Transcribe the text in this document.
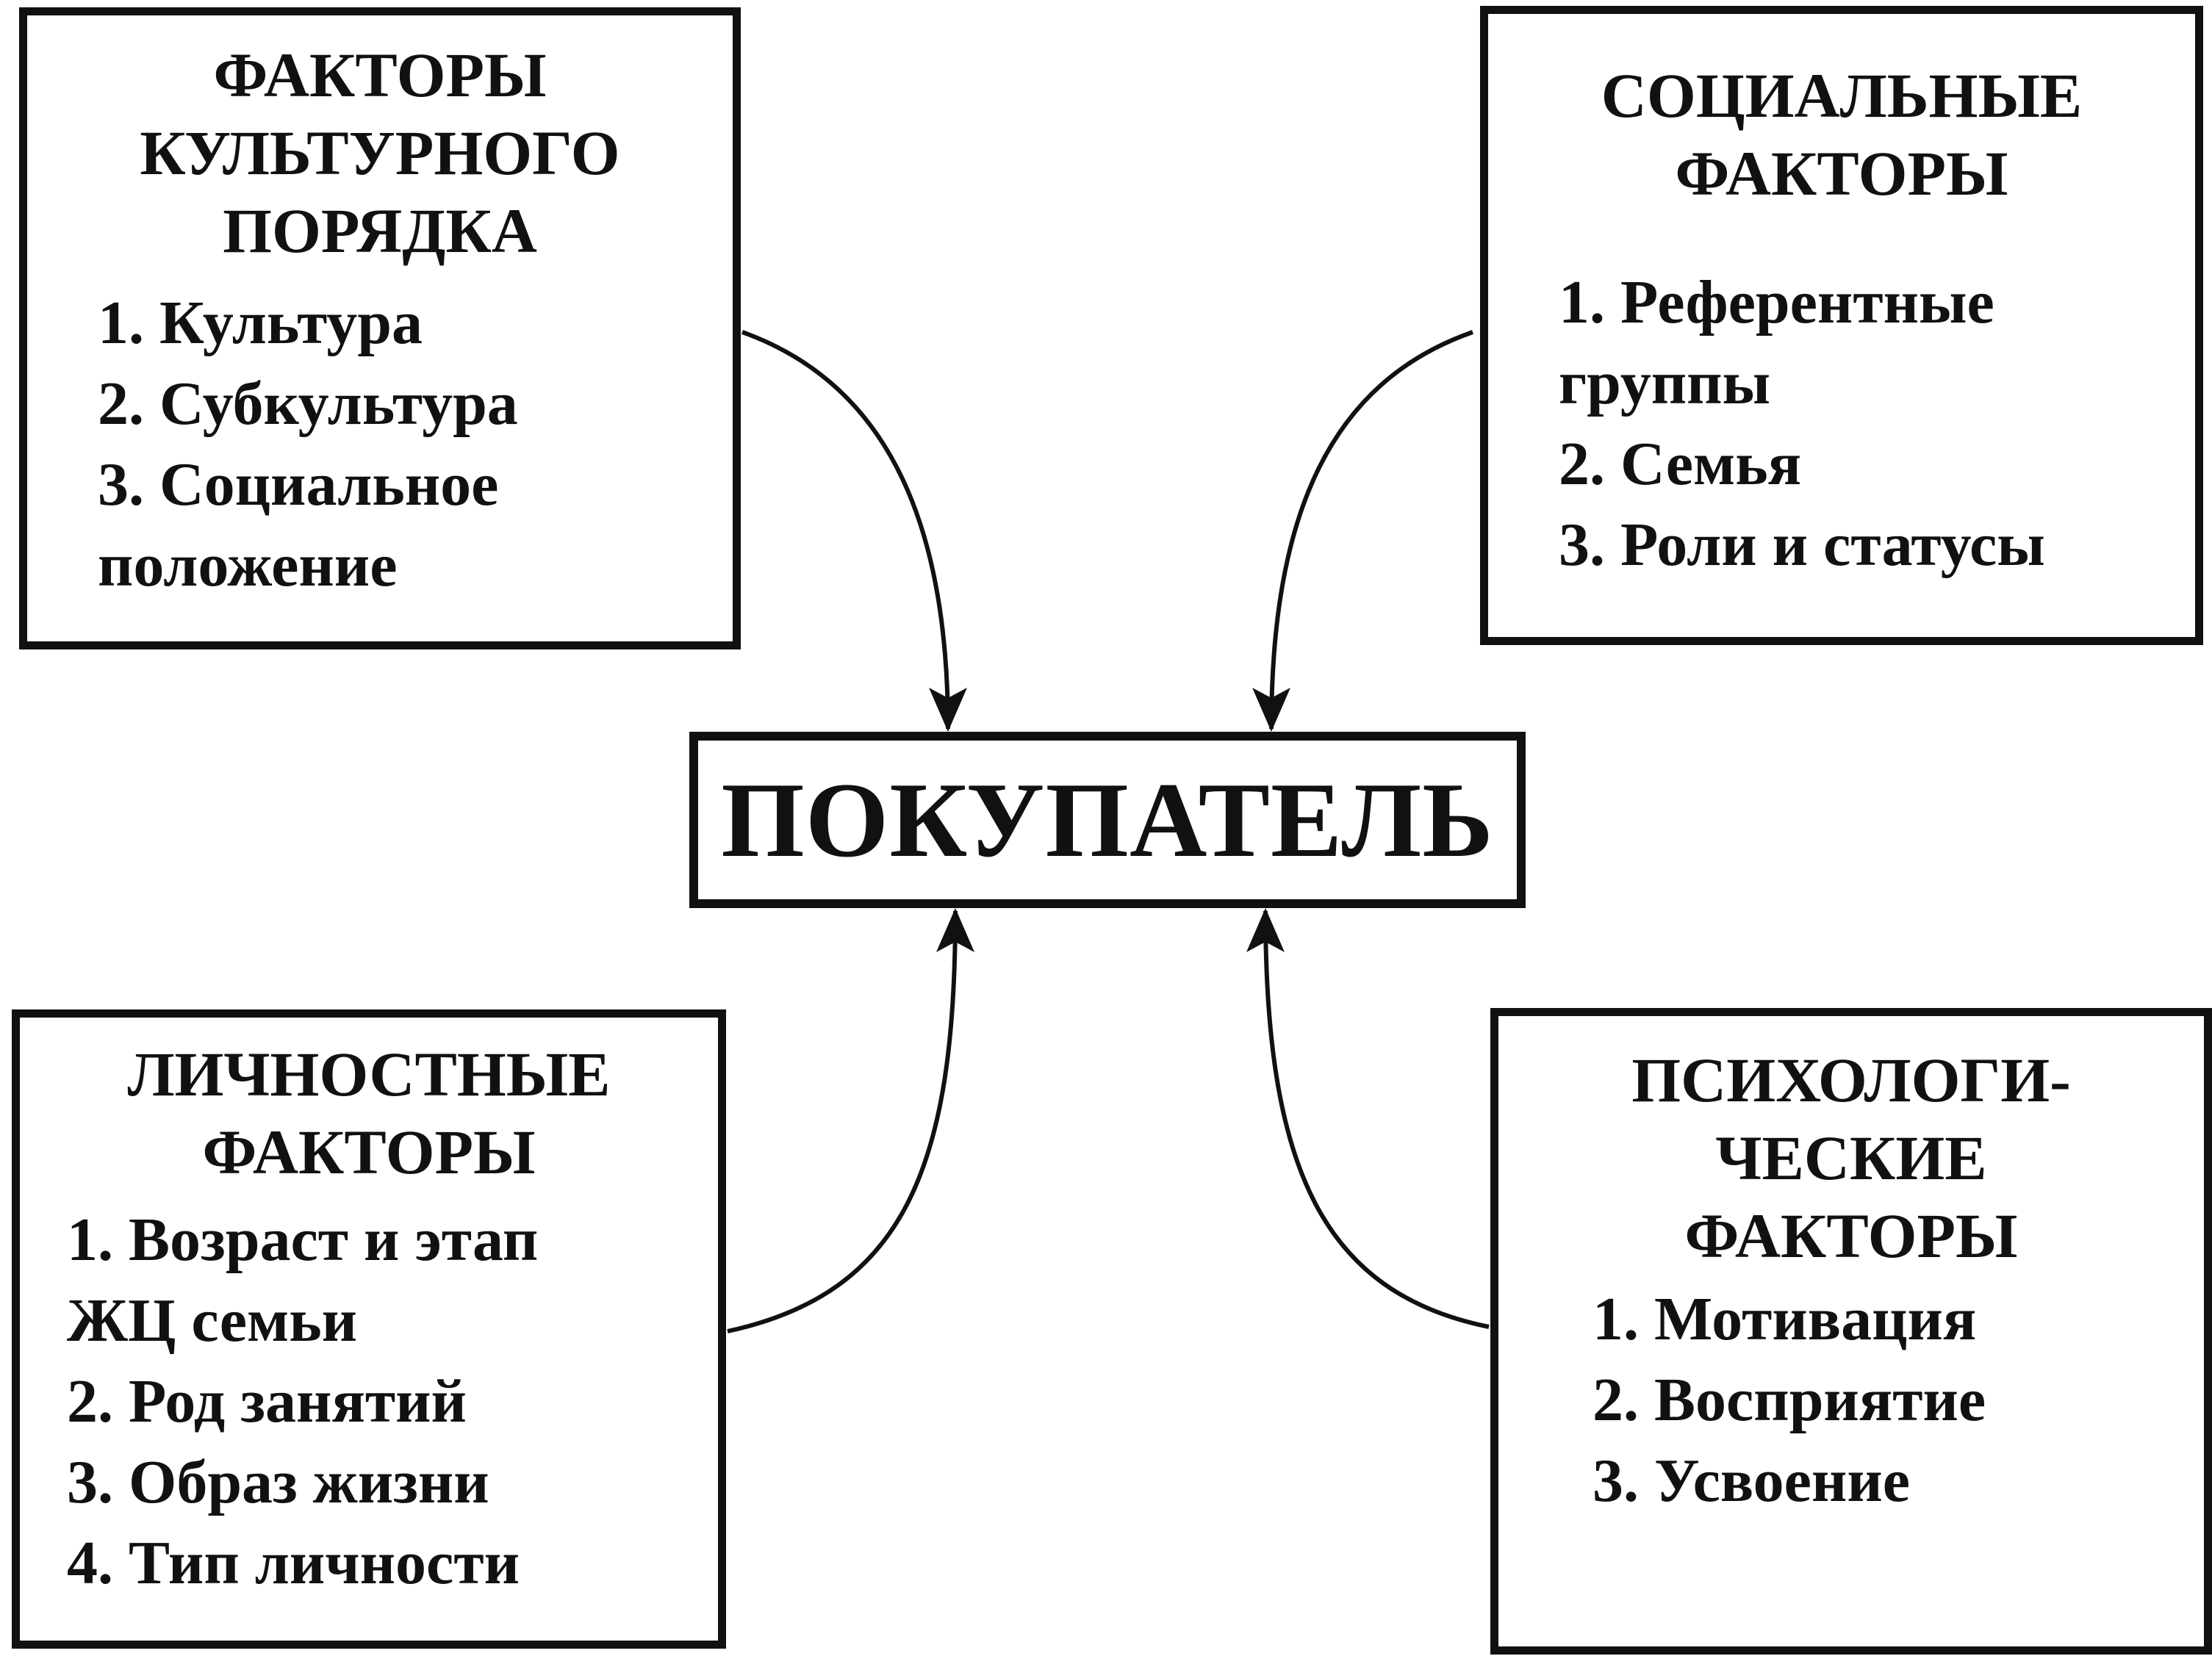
ФАКТОРЫ
КУЛЬТУРНОГО
ПОРЯДКА
1. Культура
2. Субкультура
3. Социальное
положение
СОЦИАЛЬНЫЕ
ФАКТОРЫ
1. Референтные
группы
2. Семья
3. Роли и статусы
ПОКУПАТЕЛЬ
ЛИЧНОСТНЫЕ
ФАКТОРЫ
1. Возраст и этап
ЖЦ семьи
2. Род занятий
3. Образ жизни
4. Тип личности
ПСИХОЛОГИ-
ЧЕСКИЕ
ФАКТОРЫ
1. Мотивация
2. Восприятие
3. Усвоение
